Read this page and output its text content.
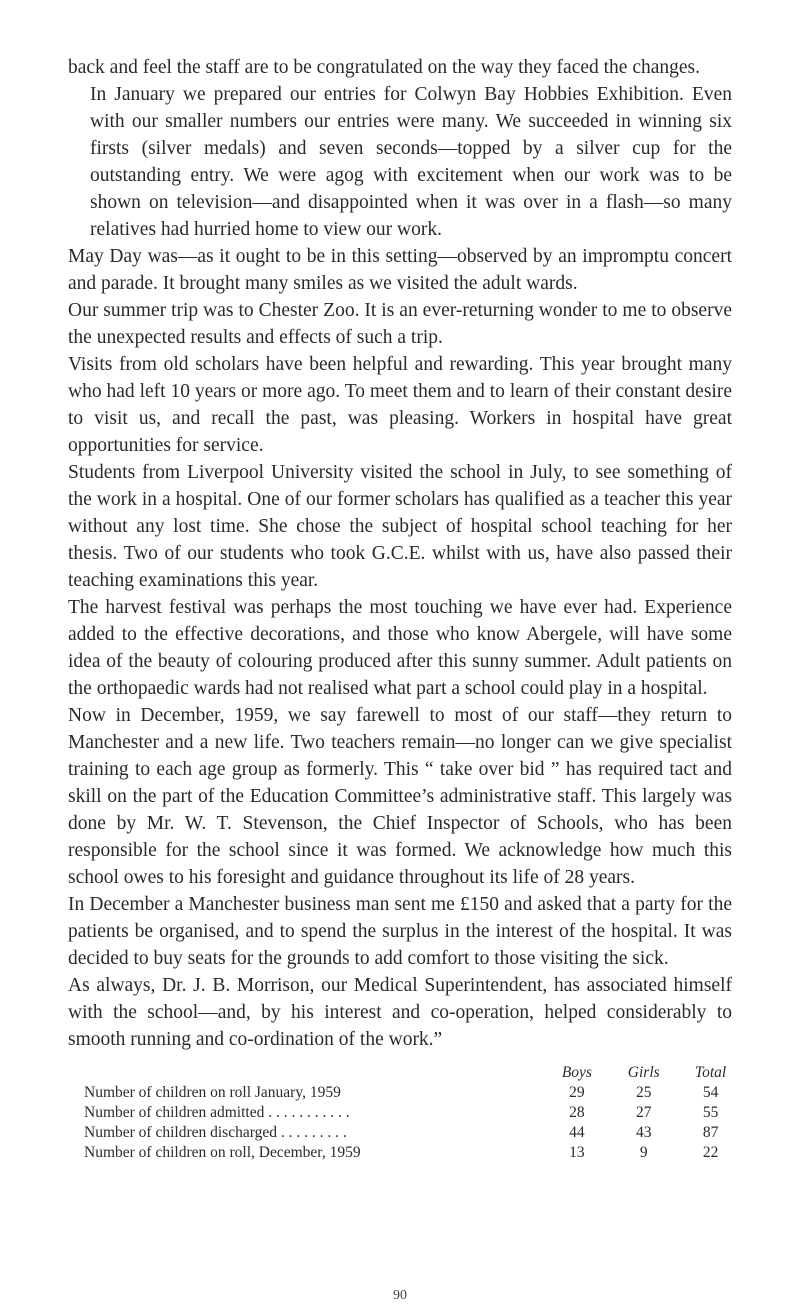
back and feel the staff are to be congratulated on the way they faced the changes.

In January we prepared our entries for Colwyn Bay Hobbies Exhibition. Even with our smaller numbers our entries were many. We succeeded in winning six firsts (silver medals) and seven seconds—topped by a silver cup for the outstanding entry. We were agog with excitement when our work was to be shown on television—and disappointed when it was over in a flash—so many relatives had hurried home to view our work.

May Day was—as it ought to be in this setting—observed by an impromptu concert and parade. It brought many smiles as we visited the adult wards.

Our summer trip was to Chester Zoo. It is an ever-returning wonder to me to observe the unexpected results and effects of such a trip.

Visits from old scholars have been helpful and rewarding. This year brought many who had left 10 years or more ago. To meet them and to learn of their constant desire to visit us, and recall the past, was pleasing. Workers in hospital have great opportunities for service.

Students from Liverpool University visited the school in July, to see something of the work in a hospital. One of our former scholars has qualified as a teacher this year without any lost time. She chose the subject of hospital school teaching for her thesis. Two of our students who took G.C.E. whilst with us, have also passed their teaching examinations this year.

The harvest festival was perhaps the most touching we have ever had. Experience added to the effective decorations, and those who know Abergele, will have some idea of the beauty of colouring produced after this sunny summer. Adult patients on the orthopaedic wards had not realised what part a school could play in a hospital.

Now in December, 1959, we say farewell to most of our staff—they return to Manchester and a new life. Two teachers remain—no longer can we give specialist training to each age group as formerly. This “ take over bid ” has required tact and skill on the part of the Education Committee’s administrative staff. This largely was done by Mr. W. T. Stevenson, the Chief Inspector of Schools, who has been responsible for the school since it was formed. We acknowledge how much this school owes to his foresight and guidance throughout its life of 28 years.

In December a Manchester business man sent me £150 and asked that a party for the patients be organised, and to spend the surplus in the interest of the hospital. It was decided to buy seats for the grounds to add comfort to those visiting the sick.

As always, Dr. J. B. Morrison, our Medical Superintendent, has associated himself with the school—and, by his interest and co-operation, helped considerably to smooth running and co-ordination of the work.”

	Boys	Girls	Total
Number of children on roll January, 1959	29	25	54
Number of children admitted . . . . . . . . . . .	28	27	55
Number of children discharged . . . . . . . . .	44	43	87
Number of children on roll, December, 1959	13	9	22
90
